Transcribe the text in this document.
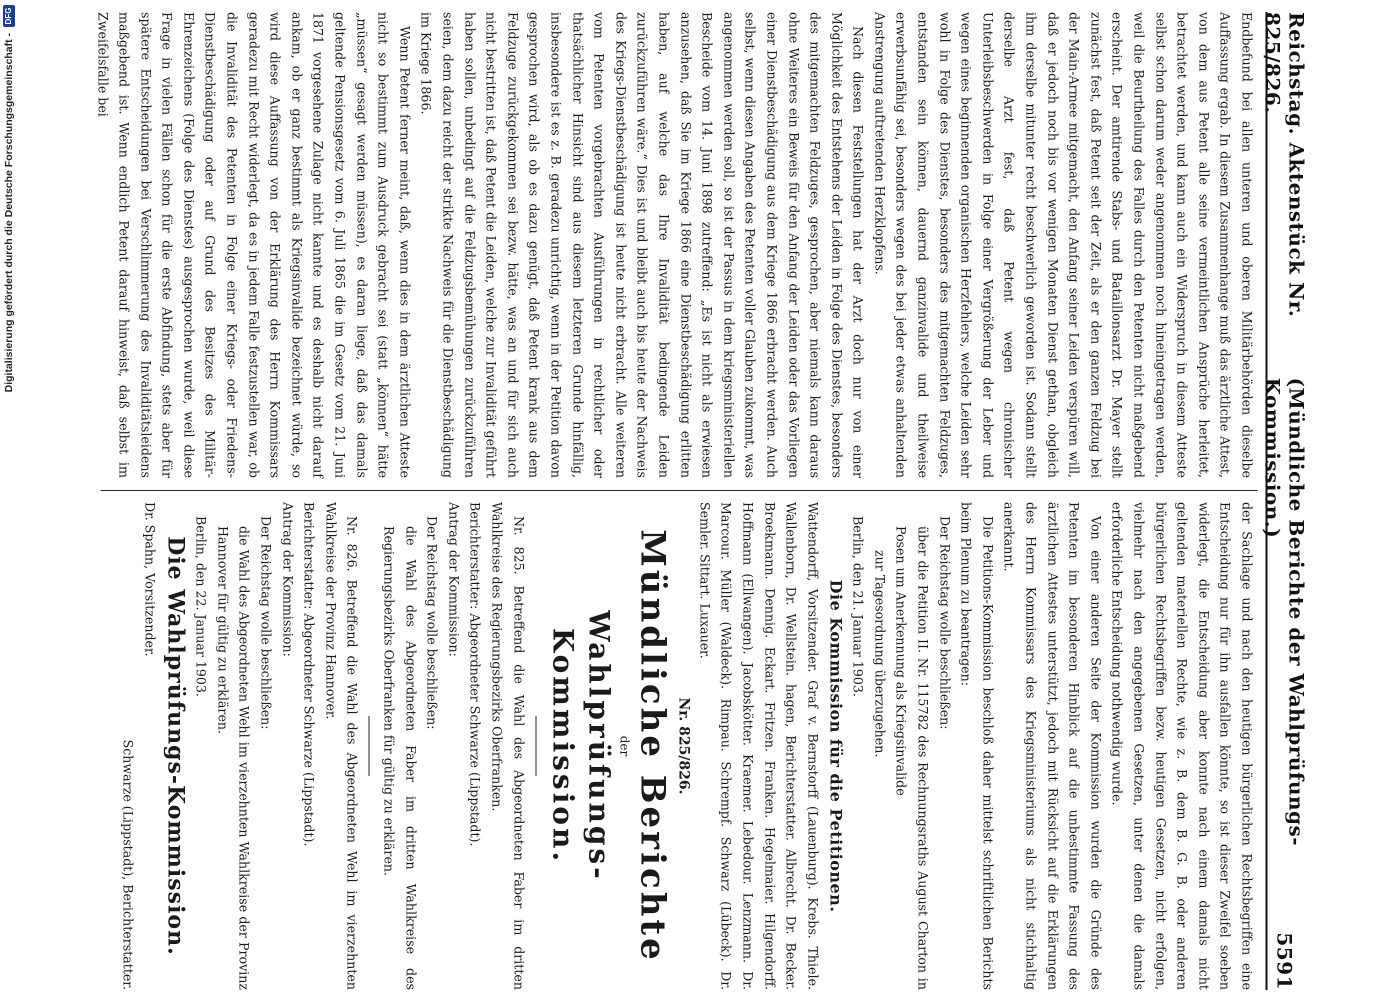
Digitalisierung gefördert durch die Deutsche Forschungsgemeinschaft -
DFG	Reichstag. Aktenstück Nr. 825/826.
(Mündliche Berichte der Wahlprüfungs-Kommission.)
5591

Endbefund bei allen unteren und oberen Militärbehörden dieselbe Auffassung ergab. In diesem Zusammenhange muß das ärztliche Attest, von dem aus Petent alle seine vermeintlichen Ansprüche herleitet, betrachtet werden, und kann auch ein Widerspruch in diesem Atteste selbst schon darum weder angenommen noch hineingetragen werden, weil die Beurtheilung des Falles durch den Petenten nicht maßgebend erscheint. Der amtirende Stabs- und Bataillonsarzt Dr. Mayer stellt zunächst fest, daß Petent seit der Zeit, als er den ganzen Feldzug bei der Main-Armee mitgemacht, den Anfang seiner Leiden verspüren will, daß er jedoch noch bis vor wenigen Monaten Dienst gethan, obgleich ihm derselbe mitunter recht beschwerlich geworden ist. Sodann stellt derselbe Arzt fest, daß Petent wegen chronischer Unterleibsbeschwerden in Folge einer Vergrößerung der Leber und wegen eines beginnenden organischen Herzfehlers, welche Leiden sehr wohl in Folge des Dienstes, besonders des mitgemachten Feldzuges, entstanden sein können, dauernd ganzinvalide und theilweise erwerbsunfähig sei, besonders wegen des bei jeder etwas anhaltenden Anstrengung auftretenden Herzklopfens.

Nach diesen Feststellungen hat der Arzt doch nur von einer Möglichkeit des Entstehens der Leiden in Folge des Dienstes, besonders des mitgemachten Feldzuges, gesprochen, aber niemals kann daraus ohne Weiteres ein Beweis für den Anfang der Leiden oder das Vorliegen einer Dienstbeschädigung aus dem Kriege 1866 erbracht werden. Auch selbst, wenn diesen Angaben des Petenten voller Glauben zukommt, was angenommen werden soll, so ist der Passus in dem kriegsministeriellen Bescheide vom 14. Juni 1898 zutreffend: „Es ist nicht als erwiesen anzusehen, daß Sie im Kriege 1866 eine Dienstbeschädigung erlitten haben, auf welche das Ihre Invalidität bedingende Leiden zurückzuführen wäre.“ Dies ist und bleibt auch bis heute der Nachweis des Kriegs-Dienstbeschädigung ist heute nicht erbracht. Alle weiteren vom Petenten vorgebrachten Ausführungen in rechtlicher oder thatsächlicher Hinsicht sind aus diesem letzteren Grunde hinfällig, insbesondere ist es z. B. geradezu unrichtig, wenn in der Petition davon gesprochen wird, als ob es dazu genügt, daß Petent krank aus dem Feldzuge zurückgekommen sei bezw. hätte, was an und für sich auch nicht bestritten ist, daß Petent die Leiden, welche zur Invalidität geführt haben sollen, unbedingt auf die Feldzugsbemühungen zurückzuführen seien, dem dazu reicht der strikte Nachweis für die Dienstbeschädigung im Kriege 1866.

Wenn Petent ferner meint, daß, wenn dies in dem ärztlichen Atteste nicht so bestimmt zum Ausdruck gebracht sei (statt „können“ hätte „müssen“ gesagt werden müssen), es daran liege, daß das damals geltende Pensionsgesetz vom 6. Juli 1865 die im Gesetz vom 21. Juni 1871 vorgesehene Zulage nicht kannte und es deshalb nicht darauf ankam, ob er ganz bestimmt als Kriegsinvalide bezeichnet würde, so wird diese Auffassung von der Erklärung des Herrn Kommissars geradezu mit Recht widerlegt, da es in jedem Falle festzustellen war, ob die Invalidität des Petenten in Folge einer Kriegs- oder Friedens-Dienstbeschädigung oder auf Grund des Besitzes des Militär-Ehrenzeichens (Folge des Dienstes) ausgesprochen wurde, weil diese Frage in vielen Fällen schon für die erste Abfindung, stets aber für spätere Entscheidungen bei Verschlimmerung des Invaliditätsleidens maßgebend ist. Wenn endlich Petent darauf hinweist, daß selbst im Zweifelsfalle bei

der Sachlage und nach den heutigen bürgerlichen Rechtsbegriffen eine Entscheidung nur für ihn ausfallen könnte, so ist dieser Zweifel soeben widerlegt, die Entscheidung aber konnte nach einem damals nicht geltenden materiellen Rechte, wie z. B. dem B. G. B. oder anderen bürgerlichen Rechtsbegriffen bezw. heutigen Gesetzen, nicht erfolgen, vielmehr nach den angegebenen Gesetzen, unter denen die damals erforderliche Entscheidung nothwendig wurde.

Von einer anderen Seite der Kommission wurden die Gründe des Petenten im besonderen Hinblick auf die unbestimmte Fassung des ärztlichen Attestes unterstützt, jedoch mit Rücksicht auf die Erklärungen des Herrn Kommissars des Kriegsministeriums als nicht stichhaltig anerkannt.

Die Petitions-Kommission beschloß daher mittelst schriftlichen Berichts beim Plenum zu beantragen:

Der Reichstag wolle beschließen:

über die Petition II. Nr. 115782 des Rechnungsraths August Charton in Posen um Anerkennung als Kriegsinvalide

zur Tagesordnung überzugehen.

Berlin, den 21. Januar 1903.

Die Kommission für die Petitionen.

Wattendorff, Vorsitzender. Graf v. Bernstorff (Lauenburg). Krebs. Thiele. Wallenborn, Dr. Wellstein. hagen, Berichterstatter. Albrecht. Dr. Becker. Broekmann. Dennig. Eckart. Fritzen. Franken. Hegelmaier. Hilgendorff. Hoffmann (Ellwangen). Jacobskötter. Kraemer. Lebedour. Lenzmann. Dr. Marcour. Müller (Waldeck). Rimpau. Schrempf. Schwarz (Lübeck). Dr. Semler. Sittart. Luxauer.

Nr. 825/826.

Mündliche Berichte

der

Wahlprüfungs-Kommission.

Nr. 825. Betreffend die Wahl des Abgeordneten Faber im dritten Wahlkreise des Regierungsbezirks Oberfranken.

Berichterstatter: Abgeordneter Schwarze (Lippstadt).

Antrag der Kommission:

Der Reichstag wolle beschließen:

die Wahl des Abgeordneten Faber im dritten Wahlkreise des Regierungsbezirks Oberfranken für gültig zu erklären.

Nr. 826. Betreffend die Wahl des Abgeordneten Wehl im vierzehnten Wahlkreise der Provinz Hannover.

Berichterstatter: Abgeordneter Schwarze (Lippstadt).

Antrag der Kommission:

Der Reichstag wolle beschließen:

die Wahl des Abgeordneten Wehl im vierzehnten Wahlkreise der Provinz Hannover für gültig zu erklären.

Berlin, den 22. Januar 1903.

Die Wahlprüfungs-Kommission.

Dr. Spahn, Vorsitzender.

Schwarze (Lippstadt), Berichterstatter.
